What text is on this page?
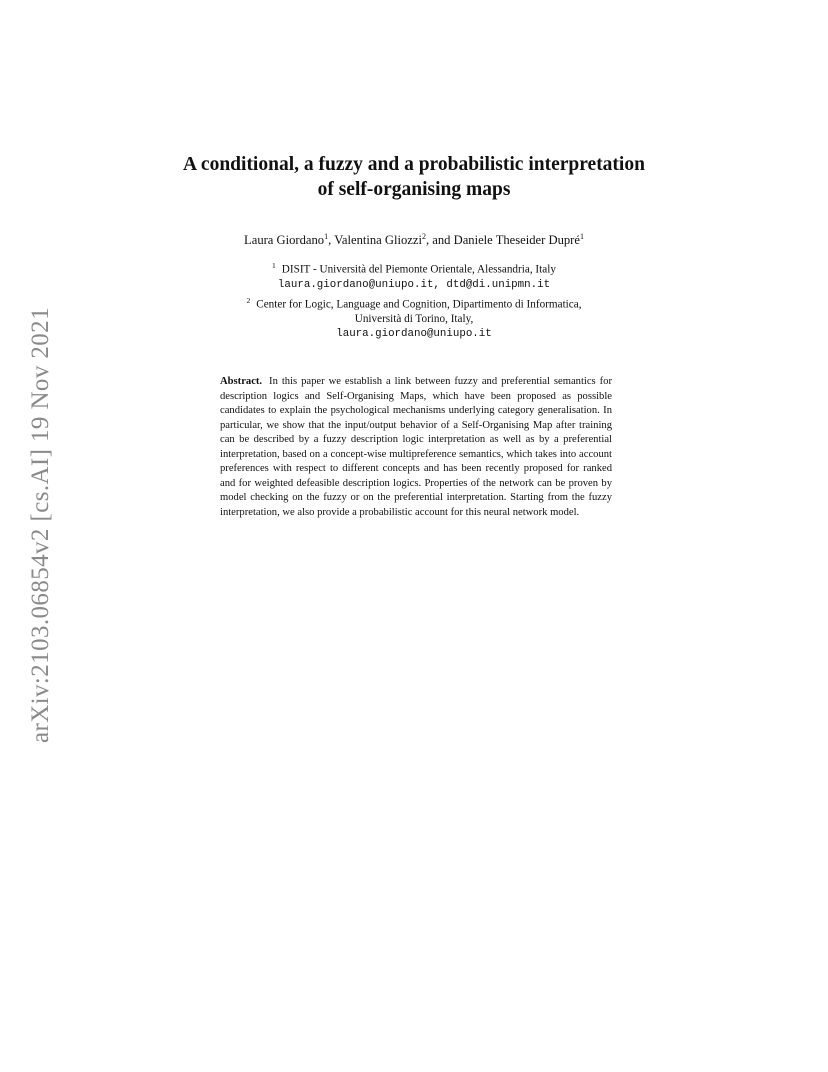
arXiv:2103.06854v2 [cs.AI] 19 Nov 2021
A conditional, a fuzzy and a probabilistic interpretation
of self-organising maps
Laura Giordano$^1$, Valentina Gliozzi$^2$, and Daniele Theseider Dupré$^1$
$^1$ DISIT - Università del Piemonte Orientale, Alessandria, Italy
laura.giordano@uniupo.it, dtd@di.unipmn.it
$^2$ Center for Logic, Language and Cognition, Dipartimento di Informatica,
Università di Torino, Italy,
laura.giordano@uniupo.it

Abstract. In this paper we establish a link between fuzzy and preferential semantics for description logics and Self-Organising Maps, which have been proposed as possible candidates to explain the psychological mechanisms underlying category generalisation. In particular, we show that the input/output behavior of a Self-Organising Map after training can be described by a fuzzy description logic interpretation as well as by a preferential interpretation, based on a concept-wise multipreference semantics, which takes into account preferences with respect to different concepts and has been recently proposed for ranked and for weighted defeasible description logics. Properties of the network can be proven by model checking on the fuzzy or on the preferential interpretation. Starting from the fuzzy interpretation, we also provide a probabilistic account for this neural network model.
